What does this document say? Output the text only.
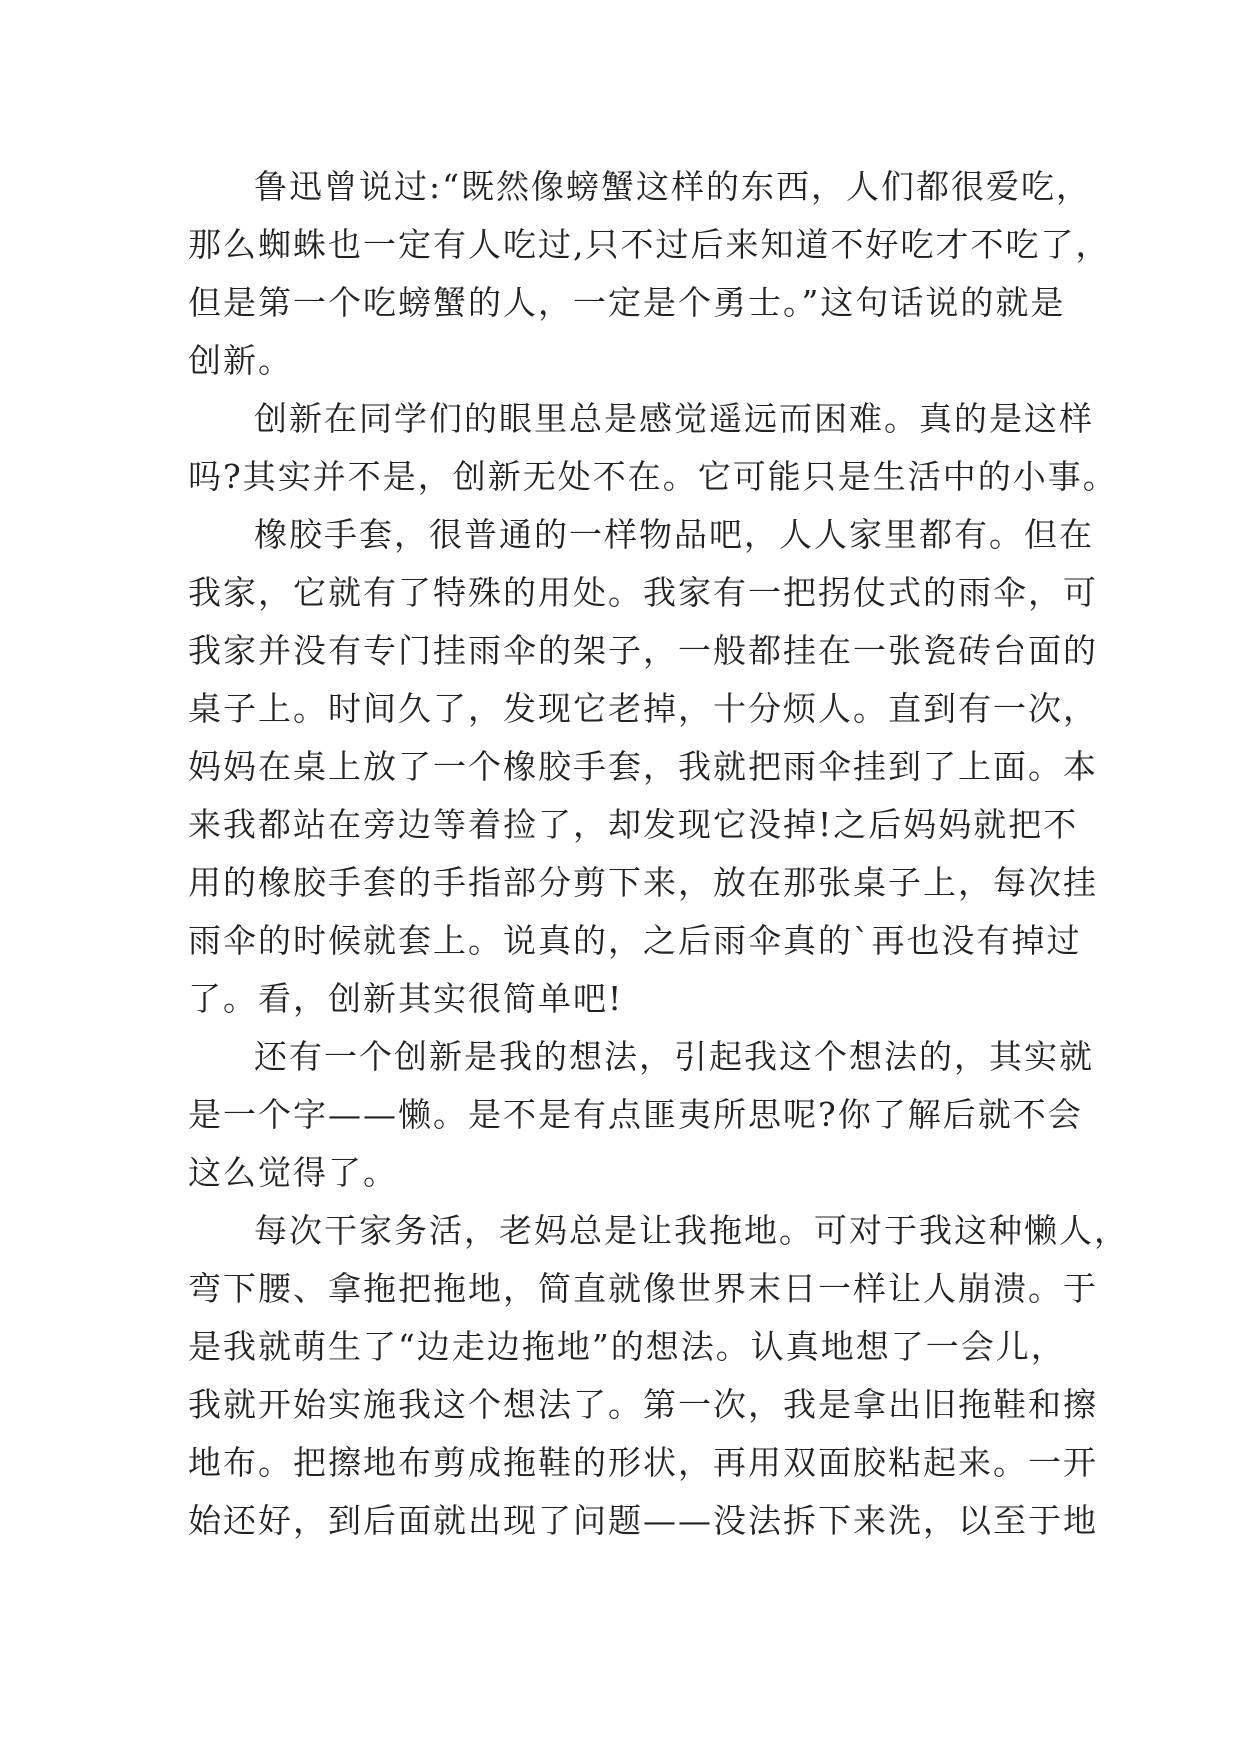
鲁迅曾说过:“既然像螃蟹这样的东西，人们都很爱吃，
那么蜘蛛也一定有人吃过,只不过后来知道不好吃才不吃了，
但是第一个吃螃蟹的人，一定是个勇士。”这句话说的就是
创新。
创新在同学们的眼里总是感觉遥远而困难。真的是这样
吗?其实并不是，创新无处不在。它可能只是生活中的小事。
橡胶手套，很普通的一样物品吧，人人家里都有。但在
我家，它就有了特殊的用处。我家有一把拐仗式的雨伞，可
我家并没有专门挂雨伞的架子，一般都挂在一张瓷砖台面的
桌子上。时间久了，发现它老掉，十分烦人。直到有一次，
妈妈在桌上放了一个橡胶手套，我就把雨伞挂到了上面。本
来我都站在旁边等着捡了，却发现它没掉!之后妈妈就把不
用的橡胶手套的手指部分剪下来，放在那张桌子上，每次挂
雨伞的时候就套上。说真的，之后雨伞真的`再也没有掉过
了。看，创新其实很简单吧!
还有一个创新是我的想法，引起我这个想法的，其实就
是一个字——懒。是不是有点匪夷所思呢?你了解后就不会
这么觉得了。
每次干家务活，老妈总是让我拖地。可对于我这种懒人，
弯下腰、拿拖把拖地，简直就像世界末日一样让人崩溃。于
是我就萌生了“边走边拖地”的想法。认真地想了一会儿，
我就开始实施我这个想法了。第一次，我是拿出旧拖鞋和擦
地布。把擦地布剪成拖鞋的形状，再用双面胶粘起来。一开
始还好，到后面就出现了问题——没法拆下来洗，以至于地
